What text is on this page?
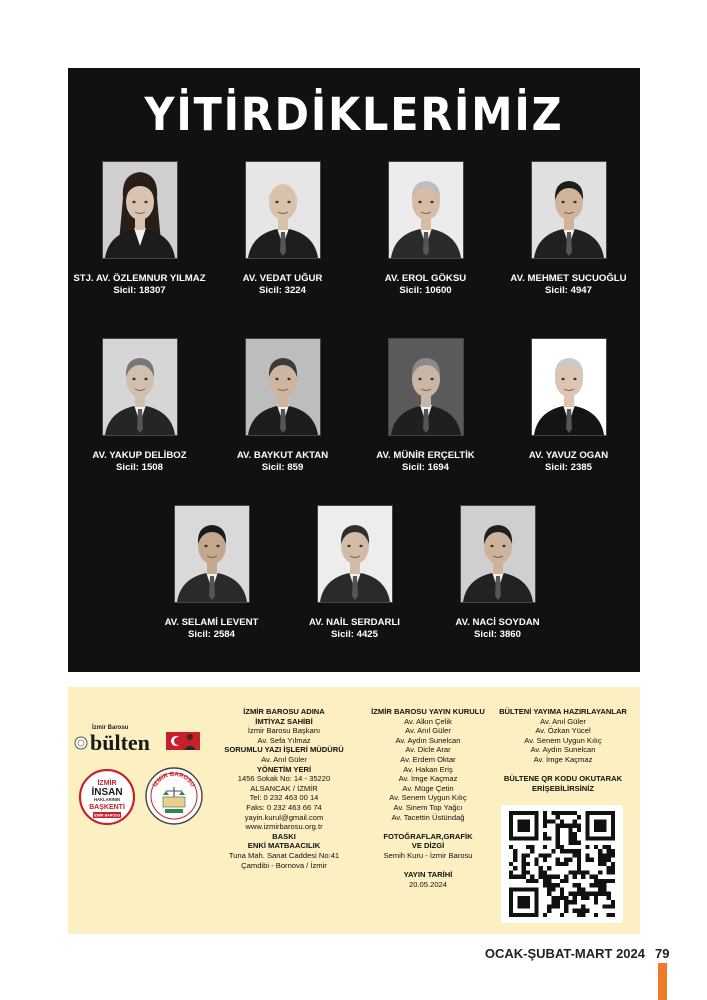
YİTİRDİKLERİMİZ
STJ. AV. ÖZLEMNUR YILMAZ
Sicil: 18307
AV. VEDAT UĞUR
Sicil: 3224
AV. EROL GÖKSU
Sicil: 10600
AV. MEHMET SUCUOĞLU
Sicil: 4947
AV. YAKUP DELİBOZ
Sicil: 1508
AV. BAYKUT AKTAN
Sicil: 859
AV. MÜNİR ERÇELTİK
Sicil: 1694
AV. YAVUZ OGAN
Sicil: 2385
AV. SELAMİ LEVENT
Sicil: 2584
AV. NAİL SERDARLI
Sicil: 4425
AV. NACİ SOYDAN
Sicil: 3860
İzmir Barosu
bülten
İZMİR
İNSAN
HAKLARININ
BAŞKENTİ
İZMİR BAROSU
İZMİR BAROSU
İZMİR BAROSU ADINA
İMTİYAZ SAHİBİ
İzmir Barosu Başkanı
Av. Sefa Yılmaz
SORUMLU YAZI İŞLERİ MÜDÜRÜ
Av. Anıl Güler
YÖNETİM YERİ
1456 Sokak No: 14 - 35220
ALSANCAK / İZMİR
Tel: 0 232 463 00 14
Faks: 0 232 463 66 74
yayin.kurul@gmail.com
www.izmirbarosu.org.tr
BASKI
ENKİ MATBAACILIK
Tuna Mah. Sanat Caddesi No:41
Çamdibi - Bornova / İzmir
İZMİR BAROSU YAYIN KURULU
Av. Alkın Çelik
Av. Anıl Güler
Av. Aydın Sunelcan
Av. Dicle Arar
Av. Erdem Oktar
Av. Hakan Eriş
Av. İmge Kaçmaz
Av. Müge Çetin
Av. Senem Uygun Kılıç
Av. Sinem Top Yağcı
Av. Tacettin Üstündağ
FOTOĞRAFLAR,GRAFİK
VE DİZGİ
Semih Kuru - İzmir Barosu
YAYIN TARİHİ
20.05.2024
BÜLTENİ YAYIMA HAZIRLAYANLAR
Av. Anıl Güler
Av. Özkan Yücel
Av. Senem Uygun Kılıç
Av. Aydın Sunelcan
Av. İmge Kaçmaz
BÜLTENE QR KODU OKUTARAK
ERİŞEBİLİRSİNİZ
OCAK-ŞUBAT-MART 2024 79
